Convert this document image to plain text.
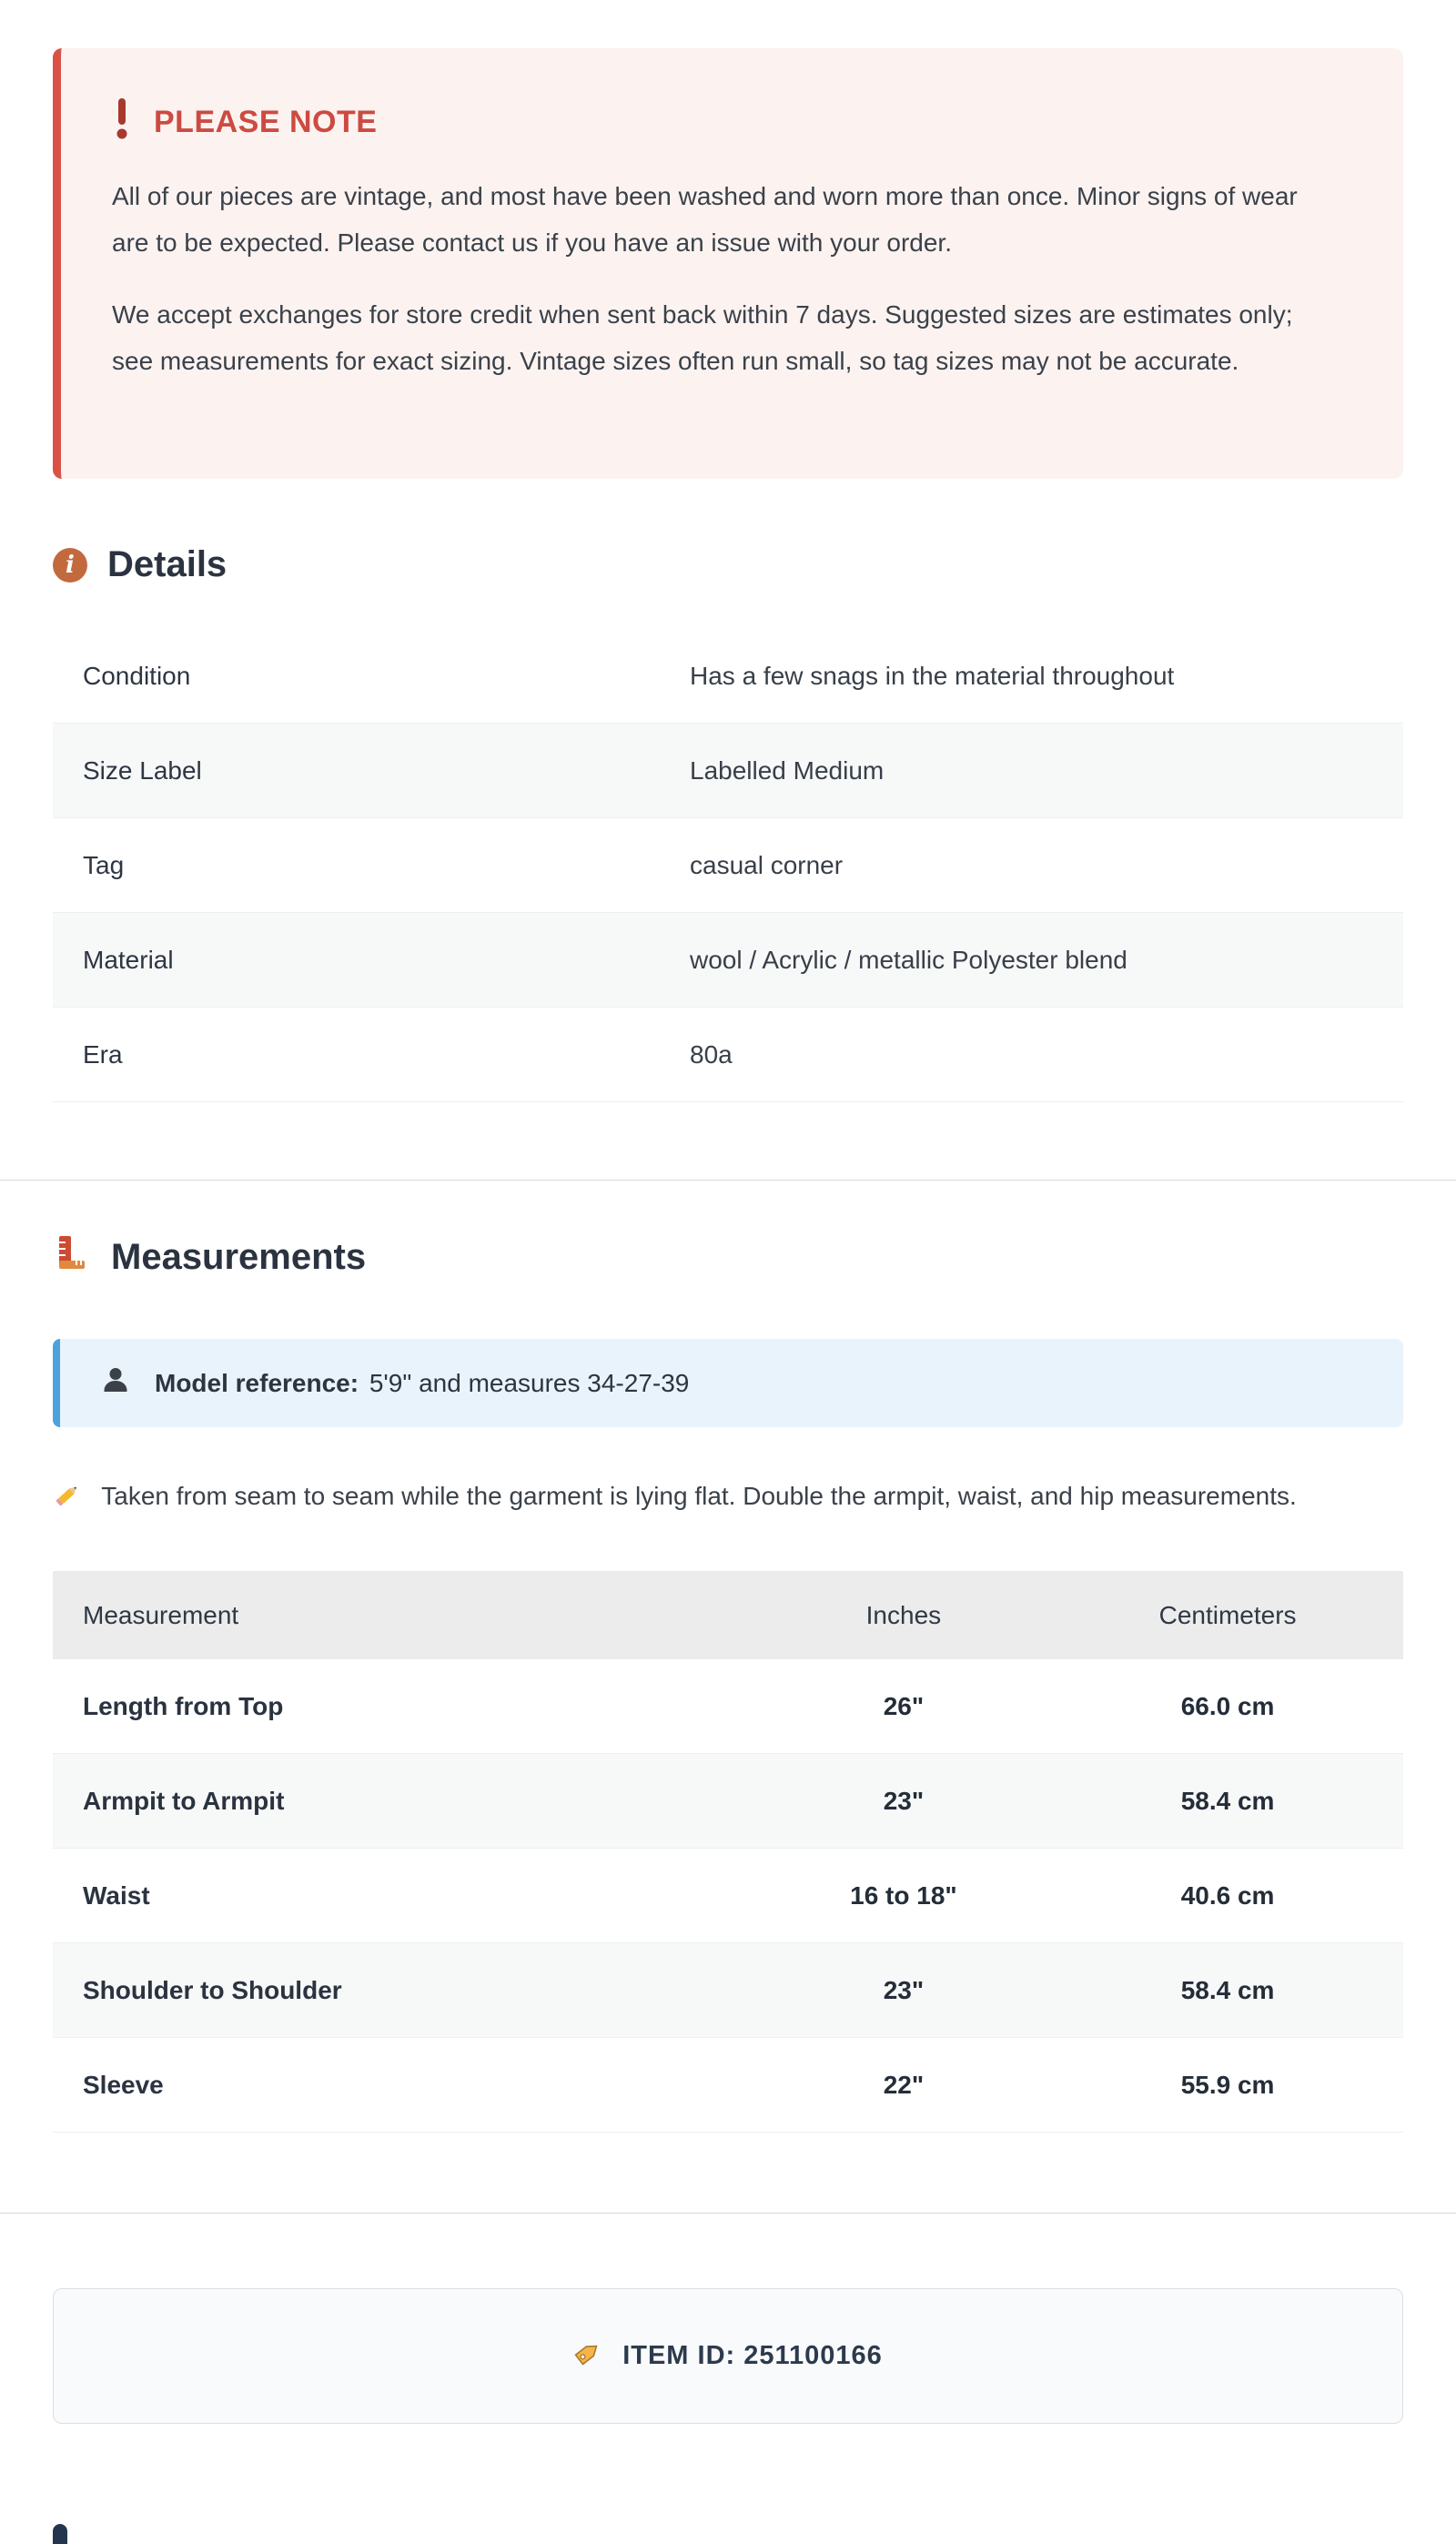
PLEASE NOTE

All of our pieces are vintage, and most have been washed and worn more than once. Minor signs of wear are to be expected. Please contact us if you have an issue with your order.

We accept exchanges for store credit when sent back within 7 days. Suggested sizes are estimates only; see measurements for exact sizing. Vintage sizes often run small, so tag sizes may not be accurate.

i Details
Condition	Has a few snags in the material throughout
Size Label	Labelled Medium
Tag	casual corner
Material	wool / Acrylic / metallic Polyester blend
Era	80a
Measurements
Model reference: 5'9" and measures 34-27-39
Taken from seam to seam while the garment is lying flat. Double the armpit, waist, and hip measurements.
Measurement	Inches	Centimeters
Length from Top	26"	66.0 cm
Armpit to Armpit	23"	58.4 cm
Waist	16 to 18"	40.6 cm
Shoulder to Shoulder	23"	58.4 cm
Sleeve	22"	55.9 cm
ITEM ID: 251100166
